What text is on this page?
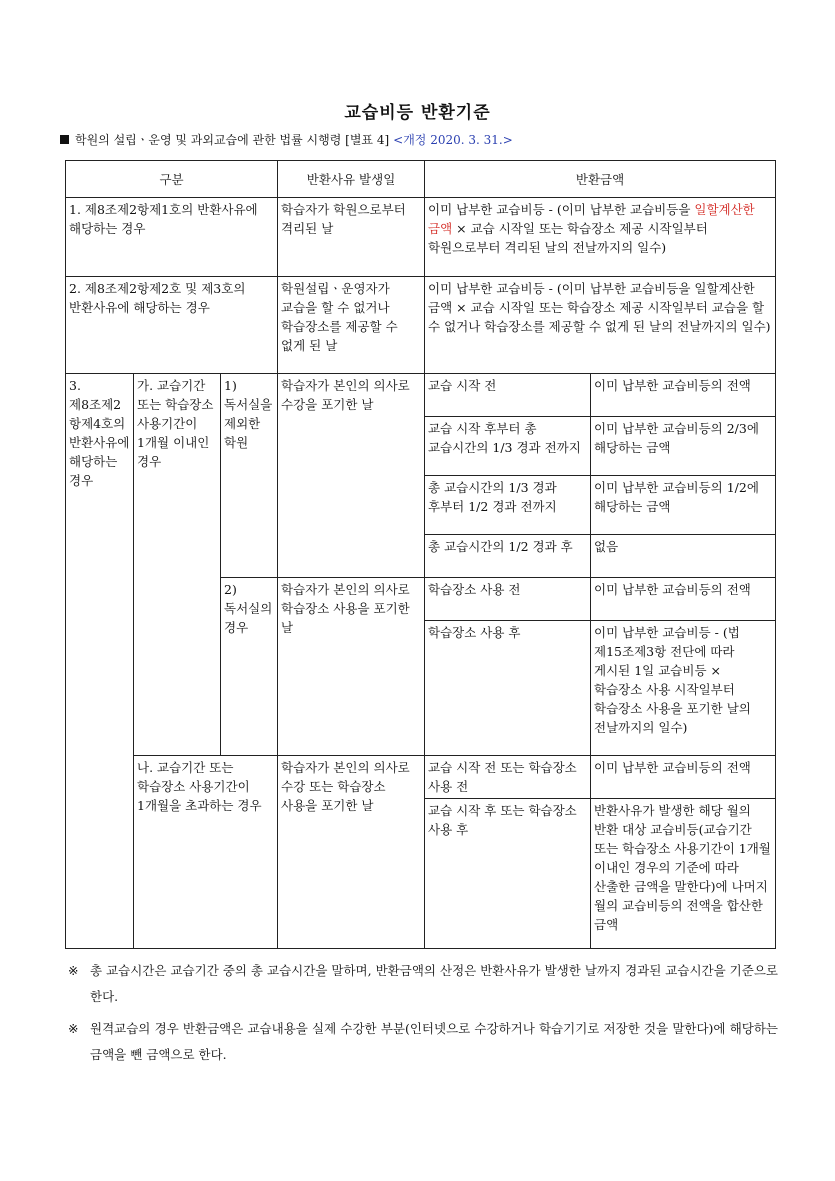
교습비등 반환기준
학원의 설립ㆍ운영 및 과외교습에 관한 법률 시행령 [별표 4] <개정 2020. 3. 31.>
구분			반환사유 발생일	반환금액	
1. 제8조제2항제1호의 반환사유에 해당하는 경우			학습자가 학원으로부터 격리된 날	이미 납부한 교습비등 - (이미 납부한 교습비등을 일할계산한 금액 × 교습 시작일 또는 학습장소 제공 시작일부터 학원으로부터 격리된 날의 전날까지의 일수)	
2. 제8조제2항제2호 및 제3호의 반환사유에 해당하는 경우			학원설립ㆍ운영자가 교습을 할 수 없거나 학습장소를 제공할 수 없게 된 날	이미 납부한 교습비등 - (이미 납부한 교습비등을 일할계산한 금액 × 교습 시작일 또는 학습장소 제공 시작일부터 교습을 할 수 없거나 학습장소를 제공할 수 없게 된 날의 전날까지의 일수)	
3. 제8조제2항제4호의 반환사유에 해당하는 경우	가. 교습기간 또는 학습장소 사용기간이 1개월 이내인 경우	1) 독서실을 제외한 학원	학습자가 본인의 의사로 수강을 포기한 날	교습 시작 전	이미 납부한 교습비등의 전액
				교습 시작 후부터 총 교습시간의 1/3 경과 전까지	이미 납부한 교습비등의 2/3에 해당하는 금액
				총 교습시간의 1/3 경과 후부터 1/2 경과 전까지	이미 납부한 교습비등의 1/2에 해당하는 금액
				총 교습시간의 1/2 경과 후	없음
		2) 독서실의 경우	학습자가 본인의 의사로 학습장소 사용을 포기한 날	학습장소 사용 전	이미 납부한 교습비등의 전액
				학습장소 사용 후	이미 납부한 교습비등 - (법 제15조제3항 전단에 따라 게시된 1일 교습비등 × 학습장소 사용 시작일부터 학습장소 사용을 포기한 날의 전날까지의 일수)
	나. 교습기간 또는 학습장소 사용기간이 1개월을 초과하는 경우		학습자가 본인의 의사로 수강 또는 학습장소 사용을 포기한 날	교습 시작 전 또는 학습장소 사용 전	이미 납부한 교습비등의 전액
				교습 시작 후 또는 학습장소 사용 후	반환사유가 발생한 해당 월의 반환 대상 교습비등(교습기간 또는 학습장소 사용기간이 1개월 이내인 경우의 기준에 따라 산출한 금액을 말한다)에 나머지 월의 교습비등의 전액을 합산한 금액
※ 총 교습시간은 교습기간 중의 총 교습시간을 말하며, 반환금액의 산정은 반환사유가 발생한 날까지 경과된 교습시간을 기준으로 한다.
※ 원격교습의 경우 반환금액은 교습내용을 실제 수강한 부분(인터넷으로 수강하거나 학습기기로 저장한 것을 말한다)에 해당하는 금액을 뺀 금액으로 한다.
